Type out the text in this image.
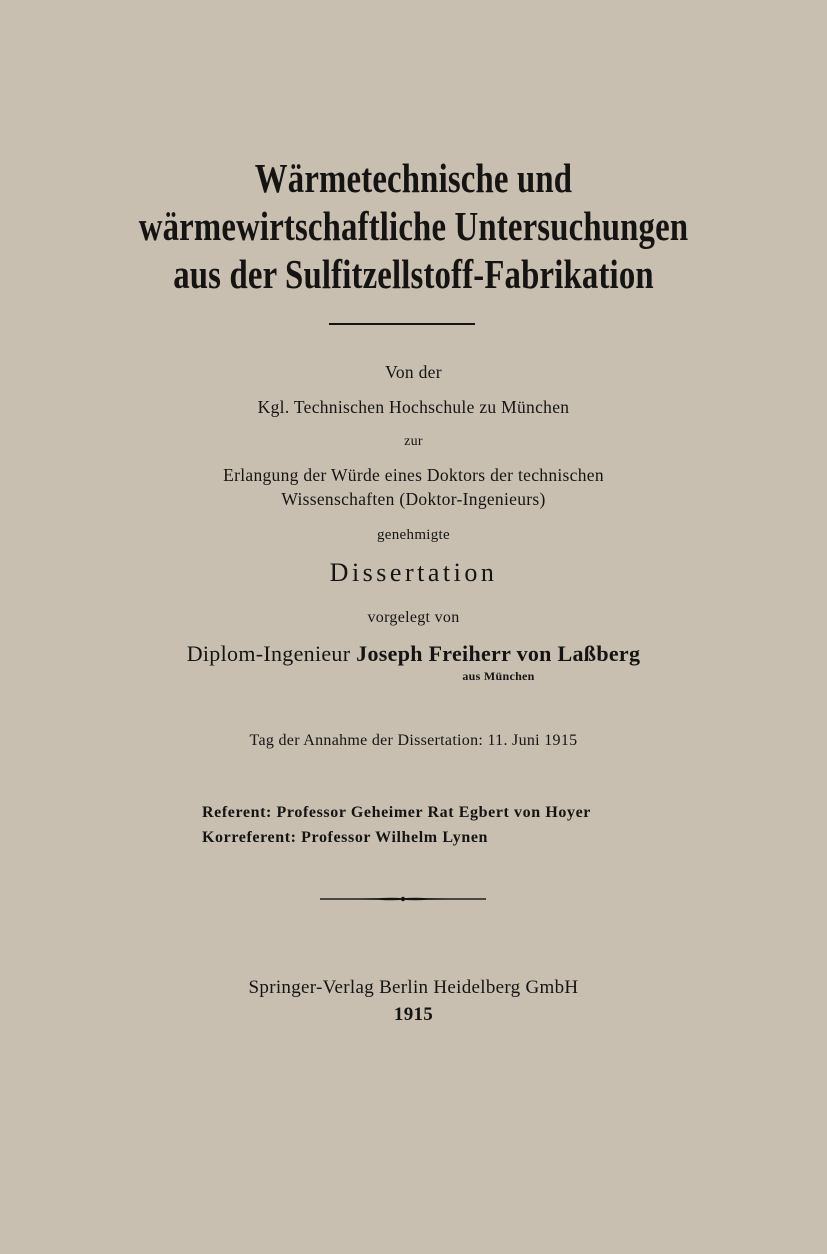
Wärmetechnische und
wärmewirtschaftliche Untersuchungen
aus der Sulfitzellstoff-Fabrikation
Von der
Kgl. Technischen Hochschule zu München
zur
Erlangung der Würde eines Doktors der technischen
Wissenschaften (Doktor-Ingenieurs)
genehmigte
Dissertation
vorgelegt von
Diplom-Ingenieur Joseph Freiherr von Laßberg
aus München
Tag der Annahme der Dissertation: 11. Juni 1915
Referent: Professor Geheimer Rat Egbert von Hoyer
Korreferent: Professor Wilhelm Lynen
Springer-Verlag Berlin Heidelberg GmbH
1915
